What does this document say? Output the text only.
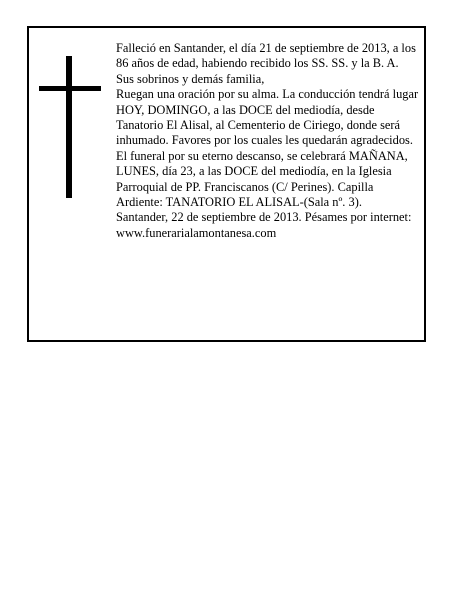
Falleció en Santander, el día 21 de septiembre de 2013, a los 86 años de edad, habiendo recibido los SS. SS. y la B. A.

Sus sobrinos y demás familia,

Ruegan una oración por su alma. La conducción tendrá lugar HOY, DOMINGO, a las DOCE del mediodía, desde Tanatorio El Alisal, al Cementerio de Ciriego, donde será inhumado. Favores por los cuales les quedarán agradecidos. El funeral por su eterno descanso, se celebrará MAÑANA, LUNES, día 23, a las DOCE del mediodía, en la Iglesia Parroquial de PP. Franciscanos (C/ Perines). Capilla Ardiente: TANATORIO EL ALISAL-(Sala nº. 3).

Santander, 22 de septiembre de 2013. Pésames por internet: www.funerarialamontanesa.com
